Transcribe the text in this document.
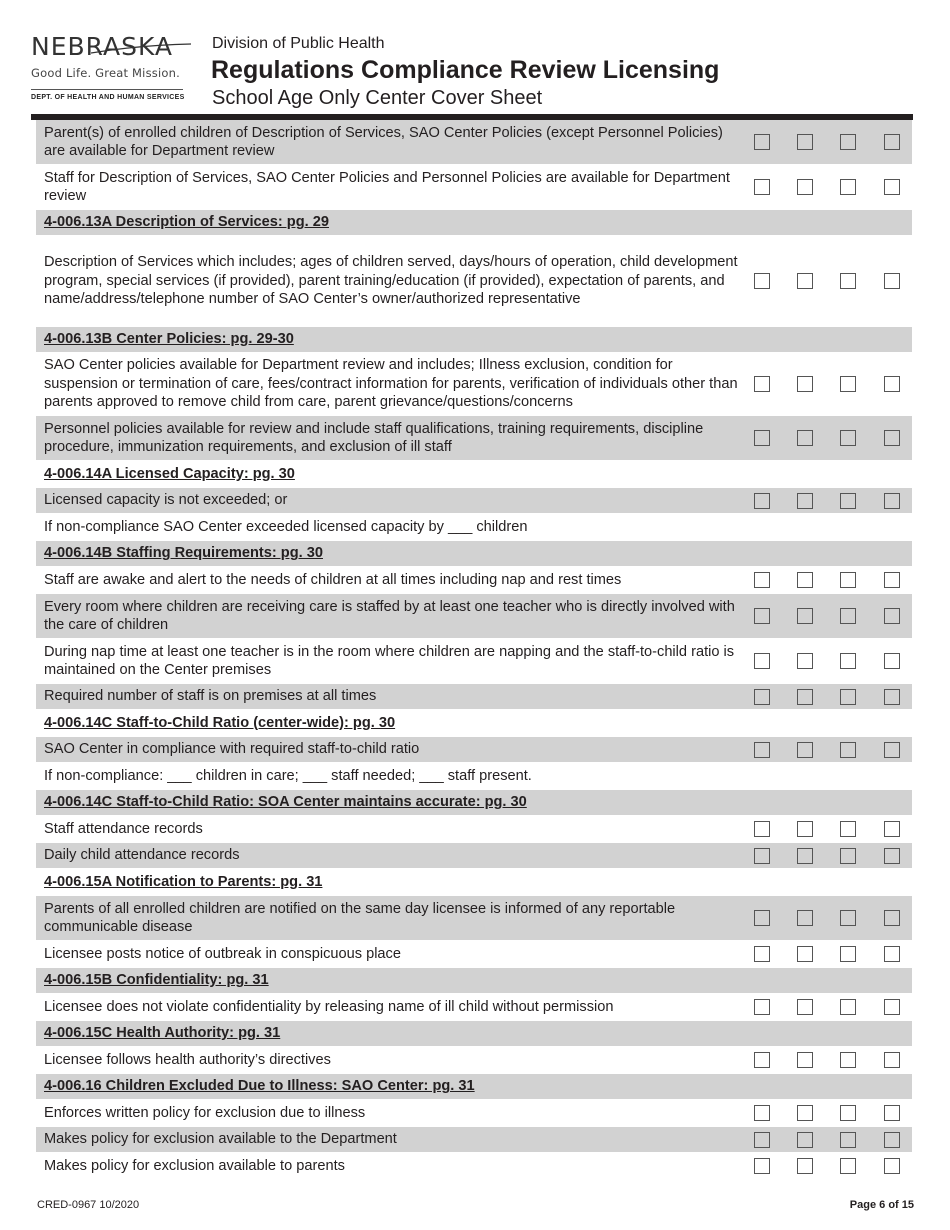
NEBRASKA
Good Life. Great Mission.
DEPT. OF HEALTH AND HUMAN SERVICES
Division of Public Health
Regulations Compliance Review Licensing
School Age Only Center Cover Sheet
Parent(s) of enrolled children of Description of Services, SAO Center Policies (except Personnel Policies) are available for Department review
Staff for Description of Services, SAO Center Policies and Personnel Policies are available for Department review
4-006.13A Description of Services: pg. 29
Description of Services which includes; ages of children served, days/hours of operation, child development program, special services (if provided), parent training/education (if provided), expectation of parents, and name/address/telephone number of SAO Center’s owner/authorized representative
4-006.13B Center Policies: pg. 29-30
SAO Center policies available for Department review and includes; Illness exclusion, condition for suspension or termination of care, fees/contract information for parents, verification of individuals other than parents approved to remove child from care, parent grievance/questions/concerns
Personnel policies available for review and include staff qualifications, training requirements, discipline procedure, immunization requirements, and exclusion of ill staff
4-006.14A Licensed Capacity: pg. 30
Licensed capacity is not exceeded; or
If non-compliance SAO Center exceeded licensed capacity by ___ children
4-006.14B Staffing Requirements: pg. 30
Staff are awake and alert to the needs of children at all times including nap and rest times
Every room where children are receiving care is staffed by at least one teacher who is directly involved with the care of children
During nap time at least one teacher is in the room where children are napping and the staff-to-child ratio is maintained on the Center premises
Required number of staff is on premises at all times
4-006.14C Staff-to-Child Ratio (center-wide): pg. 30
SAO Center in compliance with required staff-to-child ratio
If non-compliance: ___ children in care; ___ staff needed; ___ staff present.
4-006.14C Staff-to-Child Ratio: SOA Center maintains accurate: pg. 30
Staff attendance records
Daily child attendance records
4-006.15A Notification to Parents: pg. 31
Parents of all enrolled children are notified on the same day licensee is informed of any reportable communicable disease
Licensee posts notice of outbreak in conspicuous place
4-006.15B Confidentiality: pg. 31
Licensee does not violate confidentiality by releasing name of ill child without permission
4-006.15C Health Authority: pg. 31
Licensee follows health authority’s directives
4-006.16 Children Excluded Due to Illness: SAO Center: pg. 31
Enforces written policy for exclusion due to illness
Makes policy for exclusion available to the Department
Makes policy for exclusion available to parents
CRED-0967 10/2020	Page 6 of 15
